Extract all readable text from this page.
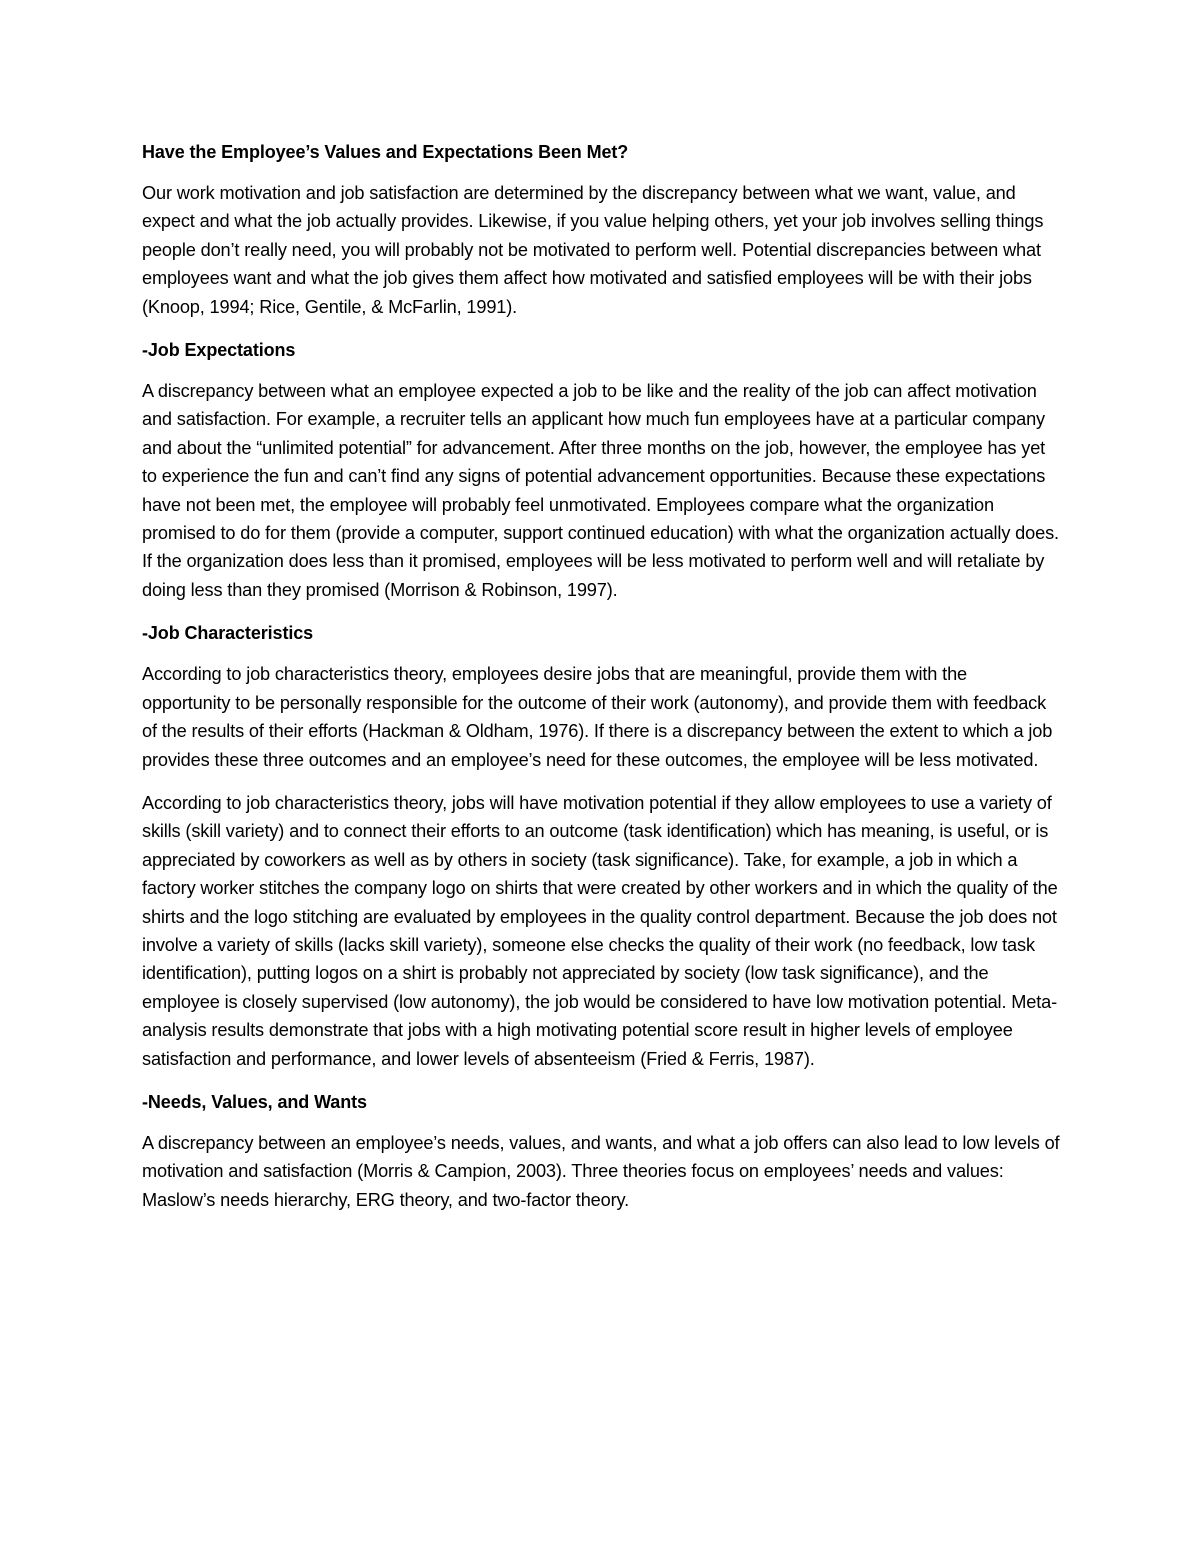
Have the Employee’s Values and Expectations Been Met?

Our work motivation and job satisfaction are determined by the discrepancy between what we want, value, and expect and what the job actually provides. Likewise, if you value helping others, yet your job involves selling things people don’t really need, you will probably not be motivated to perform well. Potential discrepancies between what employees want and what the job gives them affect how motivated and satisfied employees will be with their jobs (Knoop, 1994; Rice, Gentile, & McFarlin, 1991).

-Job Expectations

A discrepancy between what an employee expected a job to be like and the reality of the job can affect motivation and satisfaction. For example, a recruiter tells an applicant how much fun employees have at a particular company and about the “unlimited potential” for advancement. After three months on the job, however, the employee has yet to experience the fun and can’t find any signs of potential advancement opportunities. Because these expectations have not been met, the employee will probably feel unmotivated. Employees compare what the organization promised to do for them (provide a computer, support continued education) with what the organization actually does. If the organization does less than it promised, employees will be less motivated to perform well and will retaliate by doing less than they promised (Morrison & Robinson, 1997).

-Job Characteristics

According to job characteristics theory, employees desire jobs that are meaningful, provide them with the opportunity to be personally responsible for the outcome of their work (autonomy), and provide them with feedback of the results of their efforts (Hackman & Oldham, 1976). If there is a discrepancy between the extent to which a job provides these three outcomes and an employee’s need for these outcomes, the employee will be less motivated.

According to job characteristics theory, jobs will have motivation potential if they allow employees to use a variety of skills (skill variety) and to connect their efforts to an outcome (task identification) which has meaning, is useful, or is appreciated by coworkers as well as by others in society (task significance). Take, for example, a job in which a factory worker stitches the company logo on shirts that were created by other workers and in which the quality of the shirts and the logo stitching are evaluated by employees in the quality control department. Because the job does not involve a variety of skills (lacks skill variety), someone else checks the quality of their work (no feedback, low task identification), putting logos on a shirt is probably not appreciated by society (low task significance), and the employee is closely supervised (low autonomy), the job would be considered to have low motivation potential. Meta-analysis results demonstrate that jobs with a high motivating potential score result in higher levels of employee satisfaction and performance, and lower levels of absenteeism (Fried & Ferris, 1987).

-Needs, Values, and Wants

A discrepancy between an employee’s needs, values, and wants, and what a job offers can also lead to low levels of motivation and satisfaction (Morris & Campion, 2003). Three theories focus on employees’ needs and values: Maslow’s needs hierarchy, ERG theory, and two-factor theory.
